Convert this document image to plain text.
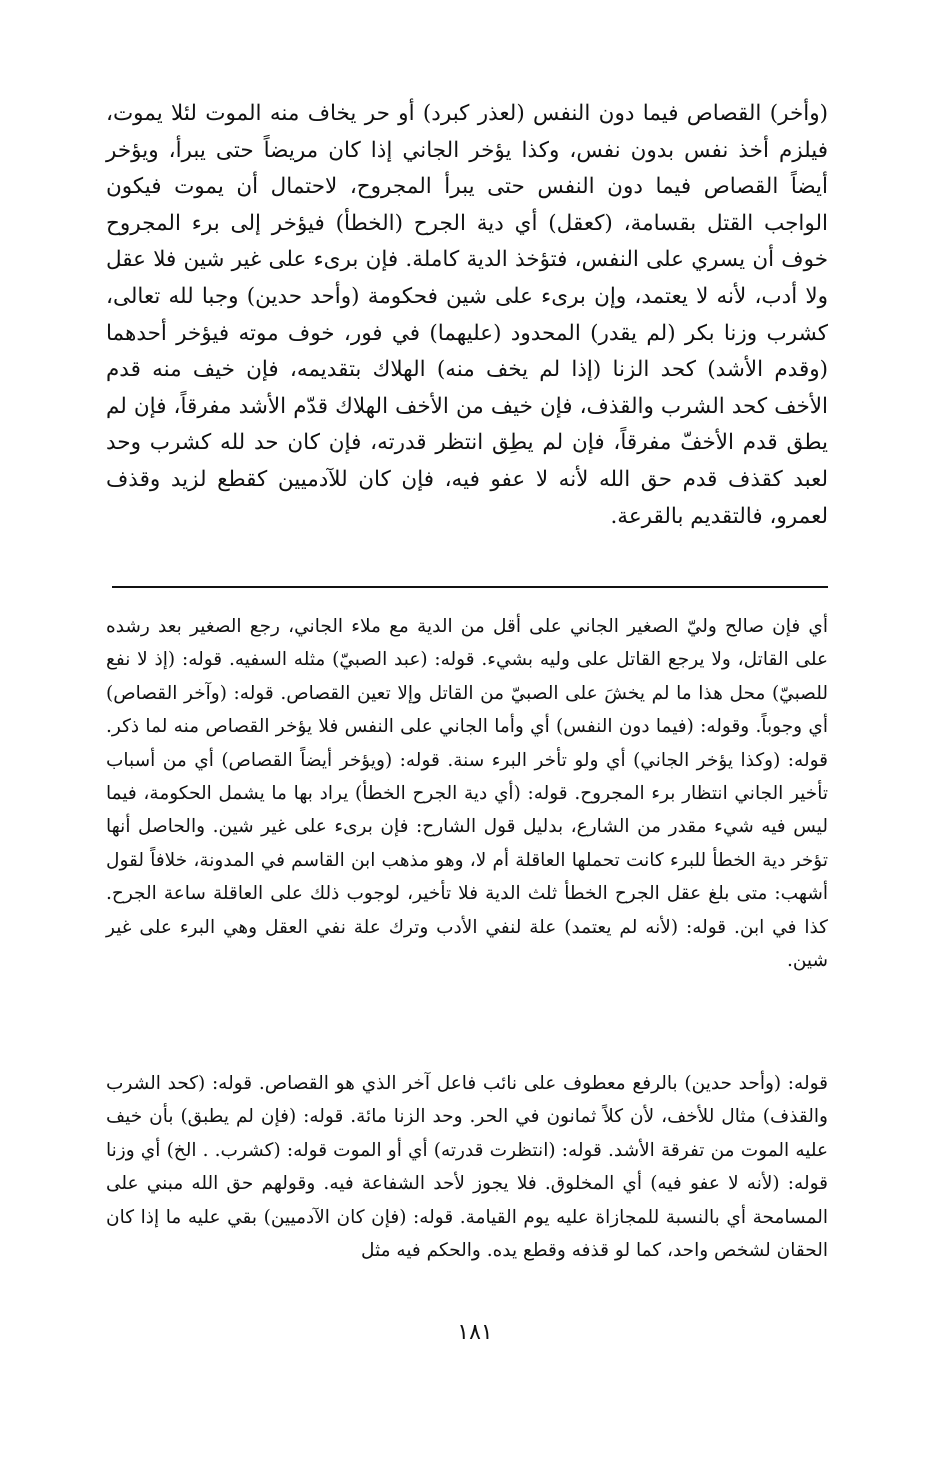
(وأخر) القصاص فيما دون النفس (لعذر كبرد) أو حر يخاف منه الموت لئلا يموت، فيلزم أخذ نفس بدون نفس، وكذا يؤخر الجاني إذا كان مريضاً حتى يبرأ، ويؤخر أيضاً القصاص فيما دون النفس حتى يبرأ المجروح، لاحتمال أن يموت فيكون الواجب القتل بقسامة، (كعقل) أي دية الجرح (الخطأ) فيؤخر إلى برء المجروح خوف أن يسري على النفس، فتؤخذ الدية كاملة. فإن برىء على غير شين فلا عقل ولا أدب، لأنه لا يعتمد، وإن برىء على شين فحكومة (وأحد حدين) وجبا لله تعالى، كشرب وزنا بكر (لم يقدر) المحدود (عليهما) في فور، خوف موته فيؤخر أحدهما (وقدم الأشد) كحد الزنا (إذا لم يخف منه) الهلاك بتقديمه، فإن خيف منه قدم الأخف كحد الشرب والقذف، فإن خيف من الأخف الهلاك قدّم الأشد مفرقاً، فإن لم يطق قدم الأخفّ مفرقاً، فإن لم يطِق انتظر قدرته، فإن كان حد لله كشرب وحد لعبد كقذف قدم حق الله لأنه لا عفو فيه، فإن كان للآدميين كقطع لزيد وقذف لعمرو، فالتقديم بالقرعة.

أي فإن صالح وليّ الصغير الجاني على أقل من الدية مع ملاء الجاني، رجع الصغير بعد رشده على القاتل، ولا يرجع القاتل على وليه بشيء. قوله: (عبد الصبيّ) مثله السفيه. قوله: (إذ لا نفع للصبيّ) محل هذا ما لم يخشَ على الصبيّ من القاتل وإلا تعين القصاص. قوله: (وآخر القصاص) أي وجوباً. وقوله: (فيما دون النفس) أي وأما الجاني على النفس فلا يؤخر القصاص منه لما ذكر. قوله: (وكذا يؤخر الجاني) أي ولو تأخر البرء سنة. قوله: (ويؤخر أيضاً القصاص) أي من أسباب تأخير الجاني انتظار برء المجروح. قوله: (أي دية الجرح الخطأ) يراد بها ما يشمل الحكومة، فيما ليس فيه شيء مقدر من الشارع، بدليل قول الشارح: فإن برىء على غير شين. والحاصل أنها تؤخر دية الخطأ للبرء كانت تحملها العاقلة أم لا، وهو مذهب ابن القاسم في المدونة، خلافاً لقول أشهب: متى بلغ عقل الجرح الخطأ ثلث الدية فلا تأخير، لوجوب ذلك على العاقلة ساعة الجرح. كذا في ابن. قوله: (لأنه لم يعتمد) علة لنفي الأدب وترك علة نفي العقل وهي البرء على غير شين.

قوله: (وأحد حدين) بالرفع معطوف على نائب فاعل آخر الذي هو القصاص. قوله: (كحد الشرب والقذف) مثال للأخف، لأن كلاً ثمانون في الحر. وحد الزنا مائة. قوله: (فإن لم يطبق) بأن خيف عليه الموت من تفرقة الأشد. قوله: (انتظرت قدرته) أي أو الموت قوله: (كشرب. . الخ) أي وزنا قوله: (لأنه لا عفو فيه) أي المخلوق. فلا يجوز لأحد الشفاعة فيه. وقولهم حق الله مبني على المسامحة أي بالنسبة للمجازاة عليه يوم القيامة. قوله: (فإن كان الآدميين) بقي عليه ما إذا كان الحقان لشخص واحد، كما لو قذفه وقطع يده. والحكم فيه مثل

١٨١
